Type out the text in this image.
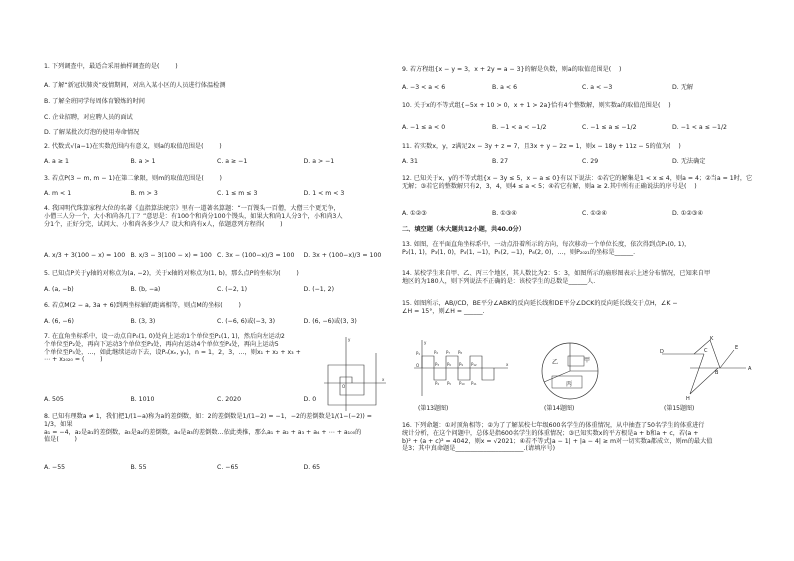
1. 下列调查中，最适合采用抽样调查的是(        )
A. 了解“新冠状肺炎”疫情期间，对出入某小区的人员进行体温检测
B. 了解全班同学每周体育锻炼的时间
C. 企业招聘，对应聘人员的面试
D. 了解某批次灯泡的使用寿命情况
2. 代数式√(a−1)在实数范围内有意义，则a的取值范围是(        )
A. a ≥ 1	B. a > 1	C. a ≥ −1	D. a > −1
3. 若点P(3 − m, m − 1)在第二象限，则m的取值范围是(        )
A. m < 1	B. m > 3	C. 1 ≤ m ≤ 3	D. 1 < m < 3
4. 我国明代珠算家程大位的名著《直指算法统宗》里有一道著名算题：“一百馒头一百僧，大僧三个更无争，
小僧三人分一个，大小和尚各几丁？”意思是：有100个和尚分100个馒头，如果大和尚1人分3个，小和尚3人
分1个，正好分完，试问大、小和尚各多少人？设大和尚有x人，依题意列方程得(        )
A. x/3 + 3(100 − x) = 100 B. x/3 − 3(100 − x) = 100 C. 3x − (100−x)/3 = 100	D. 3x + (100−x)/3 = 100
5. 已知点P关于y轴的对称点为(a, −2)，关于x轴的对称点为(1, b)，那么点P的坐标为(        )
A. (a, −b)	B. (b, −a)	C. (−2, 1)	D. (−1, 2)
6. 若点M(2 − a, 3a + 6)到两坐标轴的距离相等，则点M的坐标(        )
A. (6, −6)	B. (3, 3)	C. (−6, 6)或(−3, 3)	D. (6, −6)或(3, 3)
7. 在直角坐标系中，设一动点自P₀(1, 0)处向上运动1个单位至P₁(1, 1)，然后向左运动2
个单位至P₂处，再向下运动3个单位至P₃处，再向右运动4个单位至P₄处，再向上运动5
个单位至P₅处，…，如此继续运动下去，设Pₙ(xₙ, yₙ)，n = 1，2，3，…，则x₁ + x₂ + x₃ +
⋯ + x₂₀₂₀ = (        )
A. 505	B. 1010	C. 2020	D. 0
8. 已知有理数a ≠ 1，我们把1/(1−a)称为a的差倒数，如：2的差倒数是1/(1−2) = −1，−2的差倒数是1/(1−(−2)) = 1/3，如果
a₁ = −4，a₂是a₁的差倒数，a₃是a₂的差倒数，a₄是a₃的差倒数…依此类推，那么a₁ + a₂ + a₃ + a₄ + ⋯ + a₁₀₀的
值是(        )
A. −55	B. 55	C. −65	D. 65
x
y
O
9. 若方程组{x − y = 3，x + 2y = a − 3}的解是负数，则a的取值范围是(    )
A. −3 < a < 6	B. a < 6	C. a < −3	D. 无解
10. 关于x的不等式组{−5x + 10 > 0，x + 1 > 2a}恰有4个整数解，则实数a的取值范围是(    )
A. −1 ≤ a < 0	B. −1 < a < −1/2	C. −1 ≤ a ≤ −1/2	D. −1 < a ≤ −1/2
11. 若实数x，y，z满足2x − 3y + z = 7，且3x + y − 2z = 1，则x − 18y + 11z − 5的值为(    )
A. 31	B. 27	C. 29	D. 无法确定
12. 已知关于x，y的不等式组{x − 3y ≤ 5，x − a ≤ 0}有以下说法：①若它的解集是1 < x ≤ 4，则a = 4；②当a = 1时，它
无解；③若它的整数解只有2，3，4，则4 ≤ a < 5；④若它有解，则a ≥ 2.其中所有正确说法的序号是(    )
A. ①②③	B. ①③④	C. ①②④	D. ①②③④
二、填空题（本大题共12小题，共40.0分）
13. 如图，在平面直角坐标系中，一动点沿着所示的方向，每次移动一个单位长度，依次得到点P₁(0, 1)，
P₂(1, 1)，P₃(1, 0)，P₄(1, −1)，P₅(2, −1)，P₆(2, 0)，…，则P₂₀₂₁的坐标是______.
14. 某校学生来自甲、乙、丙三个地区，其人数比为2：5：3，如图所示的扇形图表示上述分布情况，已知来自甲
地区的为180人，则下列说法不正确的是：该校学生的总数是______人.
15. 如图所示，AB//CD，BE平分∠ABK的反向延长线和DE平分∠DCK的反向延长线交于点H，∠K −
∠H = 15°，则∠H = ______.
(第13题图)	(第14题图)	(第15题图)
16. 下列命题：①对顶角相等；②为了了解某校七年级600名学生的体重情况，从中抽查了50名学生的体重进行
统计分析，在这个问题中，总体是指600名学生的体重情况；③已知实数x的平方根是a + b和a + c，若(a +
b)² + (a + c)² = 4042，则x = √2021；④若不等式|a − 1| + |a − 4| ≥ m对一切实数a都成立，则m的最大值
是3；其中真命题是______________________.(请填序号)
O	x
y
P₁	P₂
P₃
P₄ P₅
P₆
P₇ P₈
P₉
P₁₀ P₁₁
P₁₂
甲
乙
丙
D	C
K
E
B
A
H
